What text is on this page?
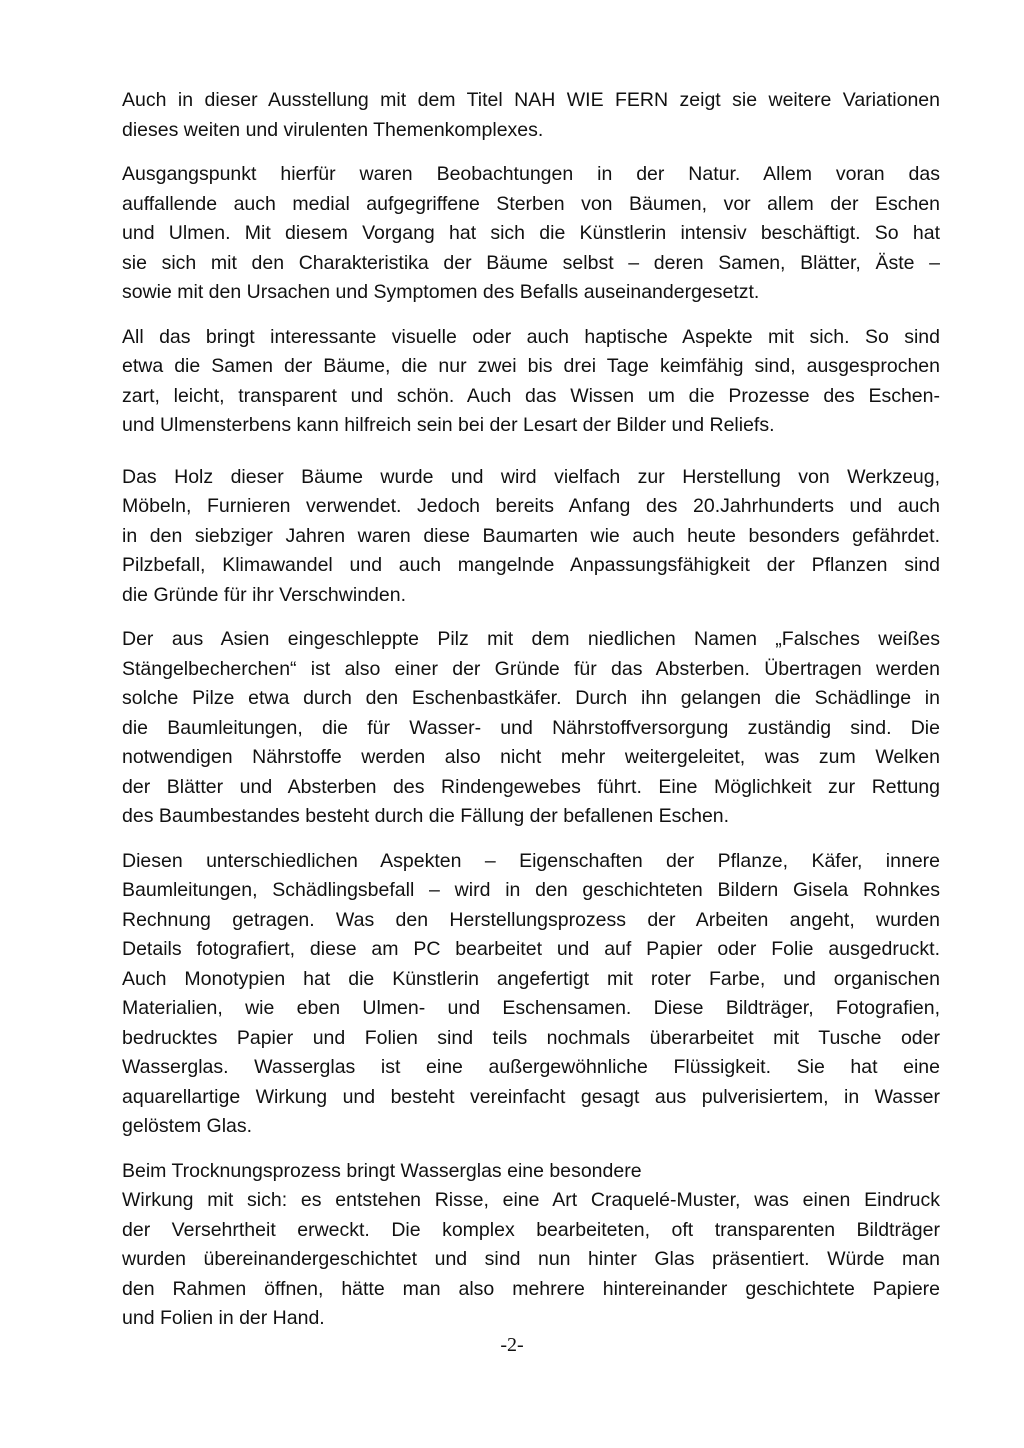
Auch in dieser Ausstellung mit dem Titel NAH WIE FERN zeigt sie weitere Variationen
dieses weiten und virulenten Themenkomplexes.

Ausgangspunkt hierfür waren Beobachtungen in der Natur. Allem voran das
auffallende auch medial aufgegriffene Sterben von Bäumen, vor allem der Eschen
und Ulmen. Mit diesem Vorgang hat sich die Künstlerin intensiv beschäftigt. So hat
sie sich mit den Charakteristika der Bäume selbst – deren Samen, Blätter, Äste –
sowie mit den Ursachen und Symptomen des Befalls auseinandergesetzt.

All das bringt interessante visuelle oder auch haptische Aspekte mit sich. So sind
etwa die Samen der Bäume, die nur zwei bis drei Tage keimfähig sind, ausgesprochen
zart, leicht, transparent und schön. Auch das Wissen um die Prozesse des Eschen-
und Ulmensterbens kann hilfreich sein bei der Lesart der Bilder und Reliefs.

Das Holz dieser Bäume wurde und wird vielfach zur Herstellung von Werkzeug,
Möbeln, Furnieren verwendet. Jedoch bereits Anfang des 20.Jahrhunderts und auch
in den siebziger Jahren waren diese Baumarten wie auch heute besonders gefährdet.
Pilzbefall, Klimawandel und auch mangelnde Anpassungsfähigkeit der Pflanzen sind
die Gründe für ihr Verschwinden.

Der aus Asien eingeschleppte Pilz mit dem niedlichen Namen „Falsches weißes
Stängelbecherchen“ ist also einer der Gründe für das Absterben. Übertragen werden
solche Pilze etwa durch den Eschenbastkäfer. Durch ihn gelangen die Schädlinge in
die Baumleitungen, die für Wasser- und Nährstoffversorgung zuständig sind. Die
notwendigen Nährstoffe werden also nicht mehr weitergeleitet, was zum Welken
der Blätter und Absterben des Rindengewebes führt. Eine Möglichkeit zur Rettung
des Baumbestandes besteht durch die Fällung der befallenen Eschen.

Diesen unterschiedlichen Aspekten – Eigenschaften der Pflanze, Käfer, innere
Baumleitungen, Schädlingsbefall – wird in den geschichteten Bildern Gisela Rohnkes
Rechnung getragen. Was den Herstellungsprozess der Arbeiten angeht, wurden
Details fotografiert, diese am PC bearbeitet und auf Papier oder Folie ausgedruckt.
Auch Monotypien hat die Künstlerin angefertigt mit roter Farbe, und organischen
Materialien, wie eben Ulmen- und Eschensamen. Diese Bildträger, Fotografien,
bedrucktes Papier und Folien sind teils nochmals überarbeitet mit Tusche oder
Wasserglas. Wasserglas ist eine außergewöhnliche Flüssigkeit. Sie hat eine
aquarellartige Wirkung und besteht vereinfacht gesagt aus pulverisiertem, in Wasser
gelöstem Glas.

Beim Trocknungsprozess bringt Wasserglas eine besondere
Wirkung mit sich: es entstehen Risse, eine Art Craquelé-Muster, was einen Eindruck
der Versehrtheit erweckt. Die komplex bearbeiteten, oft transparenten Bildträger
wurden übereinandergeschichtet und sind nun hinter Glas präsentiert. Würde man
den Rahmen öffnen, hätte man also mehrere hintereinander geschichtete Papiere
und Folien in der Hand.

-2-
